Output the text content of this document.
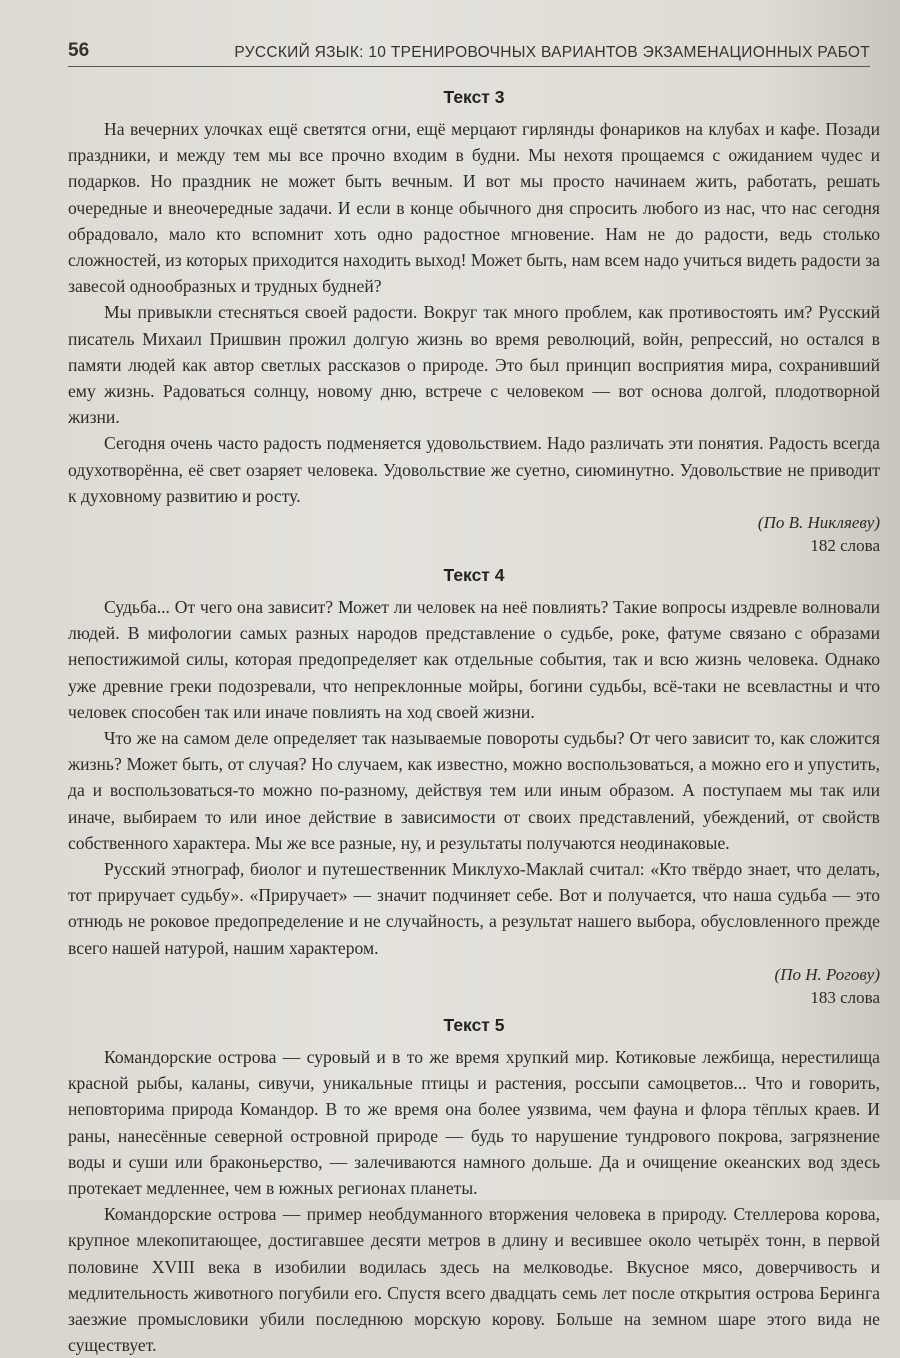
56	РУССКИЙ ЯЗЫК: 10 ТРЕНИРОВОЧНЫХ ВАРИАНТОВ ЭКЗАМЕНАЦИОННЫХ РАБОТ
Текст 3

На вечерних улочках ещё светятся огни, ещё мерцают гирлянды фонариков на клубах и кафе. Позади праздники, и между тем мы все прочно входим в будни. Мы нехотя прощаемся с ожиданием чудес и подарков. Но праздник не может быть вечным. И вот мы просто начинаем жить, работать, решать очередные и внеочередные задачи. И если в конце обычного дня спросить любого из нас, что нас сегодня обрадовало, мало кто вспомнит хоть одно радостное мгновение. Нам не до радости, ведь столько сложностей, из которых приходится находить выход! Может быть, нам всем надо учиться видеть радости за завесой однообразных и трудных будней?

Мы привыкли стесняться своей радости. Вокруг так много проблем, как противостоять им? Русский писатель Михаил Пришвин прожил долгую жизнь во время революций, войн, репрессий, но остался в памяти людей как автор светлых рассказов о природе. Это был принцип восприятия мира, сохранивший ему жизнь. Радоваться солнцу, новому дню, встрече с человеком — вот основа долгой, плодотворной жизни.

Сегодня очень часто радость подменяется удовольствием. Надо различать эти понятия. Радость всегда одухотворённа, её свет озаряет человека. Удовольствие же суетно, сиюминутно. Удовольствие не приводит к духовному развитию и росту.

(По В. Никляеву)
182 слова
Текст 4

Судьба... От чего она зависит? Может ли человек на неё повлиять? Такие вопросы издревле волновали людей. В мифологии самых разных народов представление о судьбе, роке, фатуме связано с образами непостижимой силы, которая предопределяет как отдельные события, так и всю жизнь человека. Однако уже древние греки подозревали, что непреклонные мойры, богини судьбы, всё-таки не всевластны и что человек способен так или иначе повлиять на ход своей жизни.

Что же на самом деле определяет так называемые повороты судьбы? От чего зависит то, как сложится жизнь? Может быть, от случая? Но случаем, как известно, можно воспользоваться, а можно его и упустить, да и воспользоваться-то можно по-разному, действуя тем или иным образом. А поступаем мы так или иначе, выбираем то или иное действие в зависимости от своих представлений, убеждений, от свойств собственного характера. Мы же все разные, ну, и результаты получаются неодинаковые.

Русский этнограф, биолог и путешественник Миклухо-Маклай считал: «Кто твёрдо знает, что делать, тот приручает судьбу». «Приручает» — значит подчиняет себе. Вот и получается, что наша судьба — это отнюдь не роковое предопределение и не случайность, а результат нашего выбора, обусловленного прежде всего нашей натурой, нашим характером.

(По Н. Рогову)
183 слова
Текст 5

Командорские острова — суровый и в то же время хрупкий мир. Котиковые лежбища, нерестилища красной рыбы, каланы, сивучи, уникальные птицы и растения, россыпи самоцветов... Что и говорить, неповторима природа Командор. В то же время она более уязвима, чем фауна и флора тёплых краев. И раны, нанесённые северной островной природе — будь то нарушение тундрового покрова, загрязнение воды и суши или браконьерство, — залечиваются намного дольше. Да и очищение океанских вод здесь протекает медленнее, чем в южных регионах планеты.

Командорские острова — пример необдуманного вторжения человека в природу. Стеллерова корова, крупное млекопитающее, достигавшее десяти метров в длину и весившее около четырёх тонн, в первой половине XVIII века в изобилии водилась здесь на мелководье. Вкусное мясо, доверчивость и медлительность животного погубили его. Спустя всего двадцать семь лет после открытия острова Беринга заезжие промысловики убили последнюю морскую корову. Больше на земном шаре этого вида не существует.
